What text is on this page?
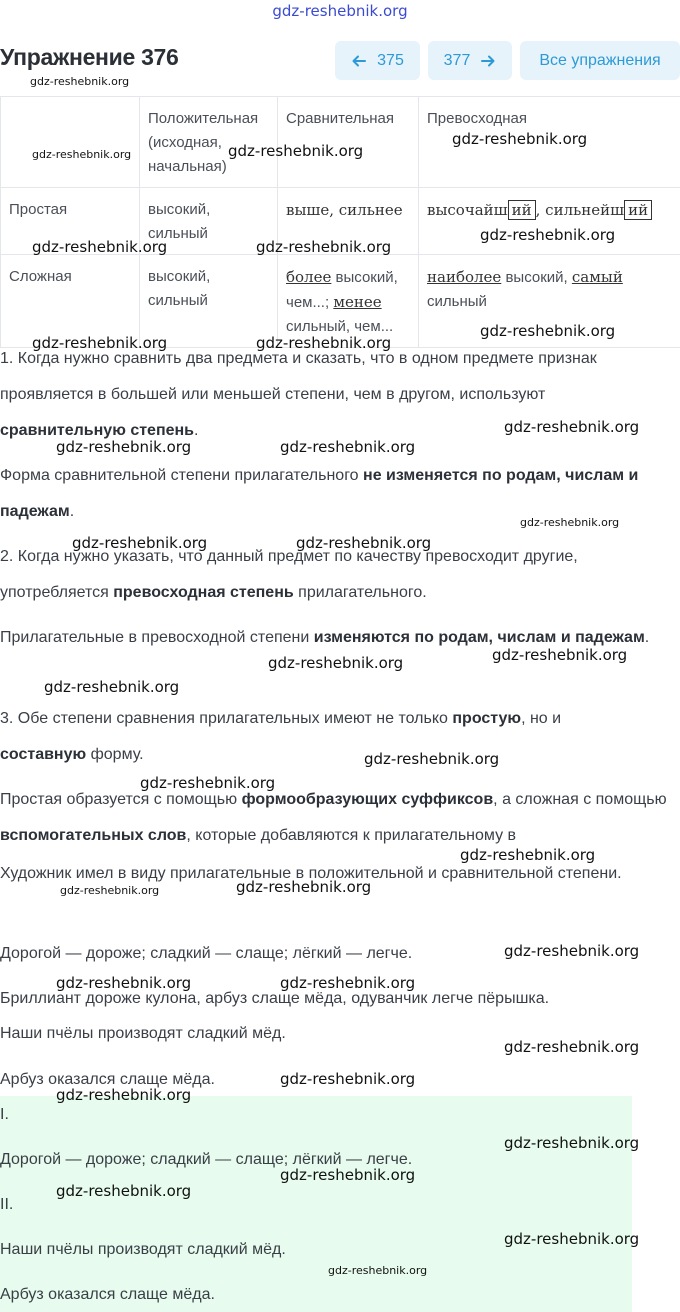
gdz-reshebnik.org
Упражнение 376	375 377	Все упражнения
	Положительная (исходная, начальная)	Сравнительная	Превосходная
Простая	высокий, сильный	выше, сильнее	высочайш ий , сильнейш ий
Сложная	высокий, сильный	более высокий, чем...; менее сильный, чем...	наиболее высокий, самый сильный

1. Когда нужно сравнить два предмета и сказать, что в одном предмете признак проявляется в большей или меньшей степени, чем в другом, используют сравнительную степень.

Форма сравнительной степени прилагательного не изменяется по родам, числам и падежам.

2. Когда нужно указать, что данный предмет по качеству превосходит другие, употребляется превосходная степень прилагательного.

Прилагательные в превосходной степени изменяются по родам, числам и падежам.

3. Обе степени сравнения прилагательных имеют не только простую, но и составную форму.

Простая образуется с помощью формообразующих суффиксов, а сложная с помощью вспомогательных слов, которые добавляются к прилагательному в

Художник имел в виду прилагательные в положительной и сравнительной степени.

Дорогой — дороже; сладкий — слаще; лёгкий — легче.

Бриллиант дороже кулона, арбуз слаще мёда, одуванчик легче пёрышка.

Наши пчёлы производят сладкий мёд.

Арбуз оказался слаще мёда.

I.

Дорогой — дороже; сладкий — слаще; лёгкий — легче.

II.

Наши пчёлы производят сладкий мёд.

Арбуз оказался слаще мёда.

gdz-reshebnik.org
gdz-reshebnik.org	gdz-reshebnik.org
gdz-reshebnik.org
gdz-reshebnik.org	gdz-reshebnik.org
gdz-reshebnik.org
gdz-reshebnik.org	gdz-reshebnik.org
gdz-reshebnik.org
gdz-reshebnik.org	gdz-reshebnik.org
gdz-reshebnik.org
gdz-reshebnik.org
gdz-reshebnik.org	gdz-reshebnik.org
gdz-reshebnik.org
gdz-reshebnik.org
gdz-reshebnik.org
gdz-reshebnik.org
gdz-reshebnik.org
gdz-reshebnik.org
gdz-reshebnik.org	gdz-reshebnik.org
gdz-reshebnik.org
gdz-reshebnik.org	gdz-reshebnik.org
gdz-reshebnik.org
gdz-reshebnik.org
gdz-reshebnik.org
gdz-reshebnik.org
gdz-reshebnik.org
gdz-reshebnik.org
gdz-reshebnik.org
gdz-reshebnik.org
